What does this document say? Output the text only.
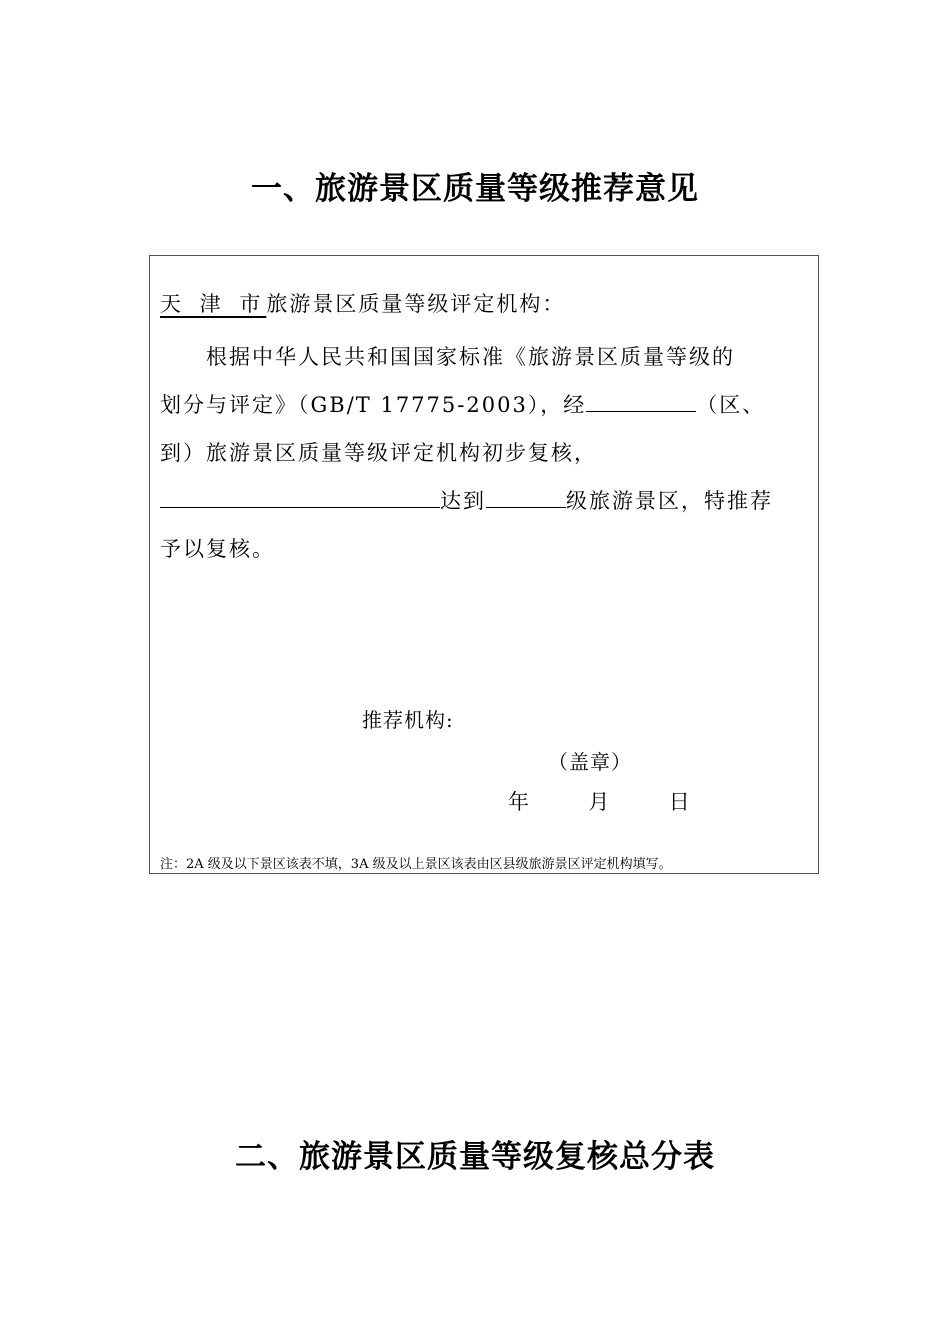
一、旅游景区质量等级推荐意见
天 津 市旅游景区质量等级评定机构：
根据中华人民共和国国家标准《旅游景区质量等级的
划分与评定》（GB/T 17775-2003），经	（区、
到）旅游景区质量等级评定机构初步复核，
达到	级旅游景区，特推荐
予以复核。
推荐机构:
（盖章）
年	月	日
注：2A 级及以下景区该表不填，3A 级及以上景区该表由区县级旅游景区评定机构填写。
二、旅游景区质量等级复核总分表
